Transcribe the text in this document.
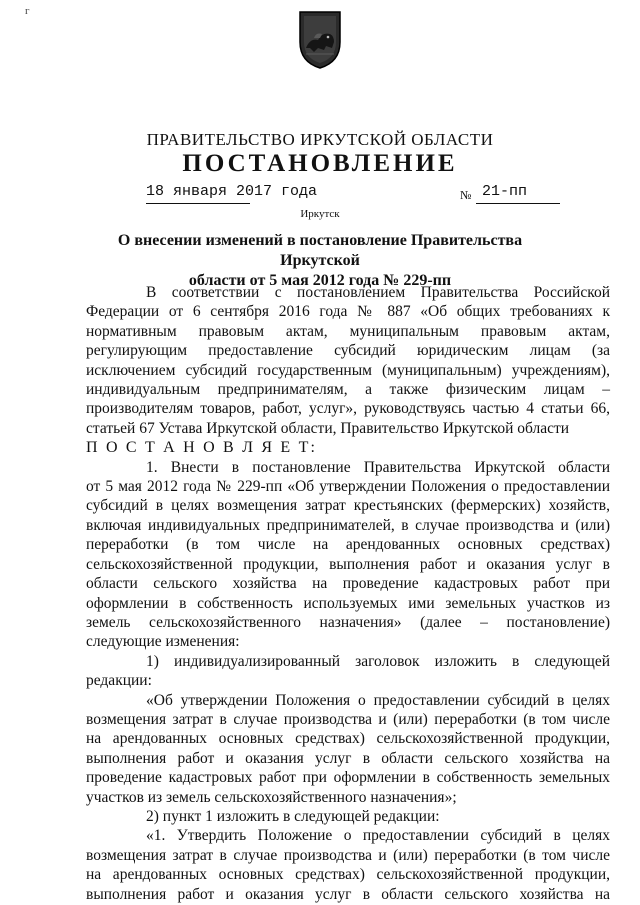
г
ПРАВИТЕЛЬСТВО ИРКУТСКОЙ ОБЛАСТИ
ПОСТАНОВЛЕНИЕ
18 января 2017 года	№ 21-пп
Иркутск
О внесении изменений в постановление Правительства Иркутской
области от 5 мая 2012 года № 229-пп

В соответствии с постановлением Правительства Российской

Федерации от 6 сентября 2016 года № 887 «Об общих требованиях к

нормативным правовым актам, муниципальным правовым актам,

регулирующим предоставление субсидий юридическим лицам (за

исключением субсидий государственным (муниципальным) учреждениям),

индивидуальным предпринимателям, а также физическим лицам –

производителям товаров, работ, услуг», руководствуясь частью 4 статьи 66,

статьей 67 Устава Иркутской области, Правительство Иркутской области

П О С Т А Н О В Л Я Е Т:

1. Внести в постановление Правительства Иркутской области

от 5 мая 2012 года № 229-пп «Об утверждении Положения о предоставлении

субсидий в целях возмещения затрат крестьянских (фермерских) хозяйств,

включая индивидуальных предпринимателей, в случае производства и (или)

переработки (в том числе на арендованных основных средствах)

сельскохозяйственной продукции, выполнения работ и оказания услуг в

области сельского хозяйства на проведение кадастровых работ при

оформлении в собственность используемых ими земельных участков из

земель сельскохозяйственного назначения» (далее – постановление)

следующие изменения:

1) индивидуализированный заголовок изложить в следующей

редакции:

«Об утверждении Положения о предоставлении субсидий в целях

возмещения затрат в случае производства и (или) переработки (в том числе

на арендованных основных средствах) сельскохозяйственной продукции,

выполнения работ и оказания услуг в области сельского хозяйства на

проведение кадастровых работ при оформлении в собственность земельных

участков из земель сельскохозяйственного назначения»;

2) пункт 1 изложить в следующей редакции:

«1. Утвердить Положение о предоставлении субсидий в целях

возмещения затрат в случае производства и (или) переработки (в том числе

на арендованных основных средствах) сельскохозяйственной продукции,

выполнения работ и оказания услуг в области сельского хозяйства на
